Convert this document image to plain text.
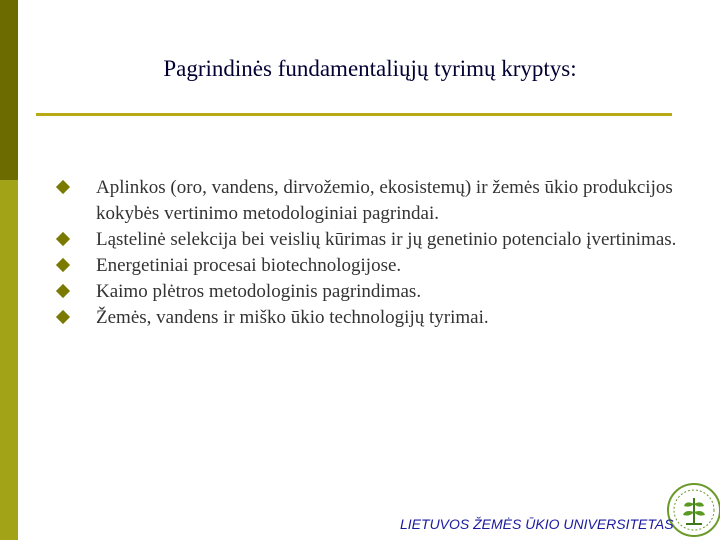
Pagrindinės fundamentaliųjų tyrimų kryptys:
Aplinkos (oro, vandens, dirvožemio, ekosistemų) ir žemės ūkio produkcijos kokybės vertinimo metodologiniai pagrindai.
Ląstelinė selekcija bei veislių kūrimas ir jų genetinio potencialo įvertinimas.
Energetiniai procesai biotechnologijose.
Kaimo plėtros metodologinis pagrindimas.
Žemės, vandens ir miško ūkio technologijų tyrimai.
LIETUVOS ŽEMĖS ŪKIO UNIVERSITETAS
